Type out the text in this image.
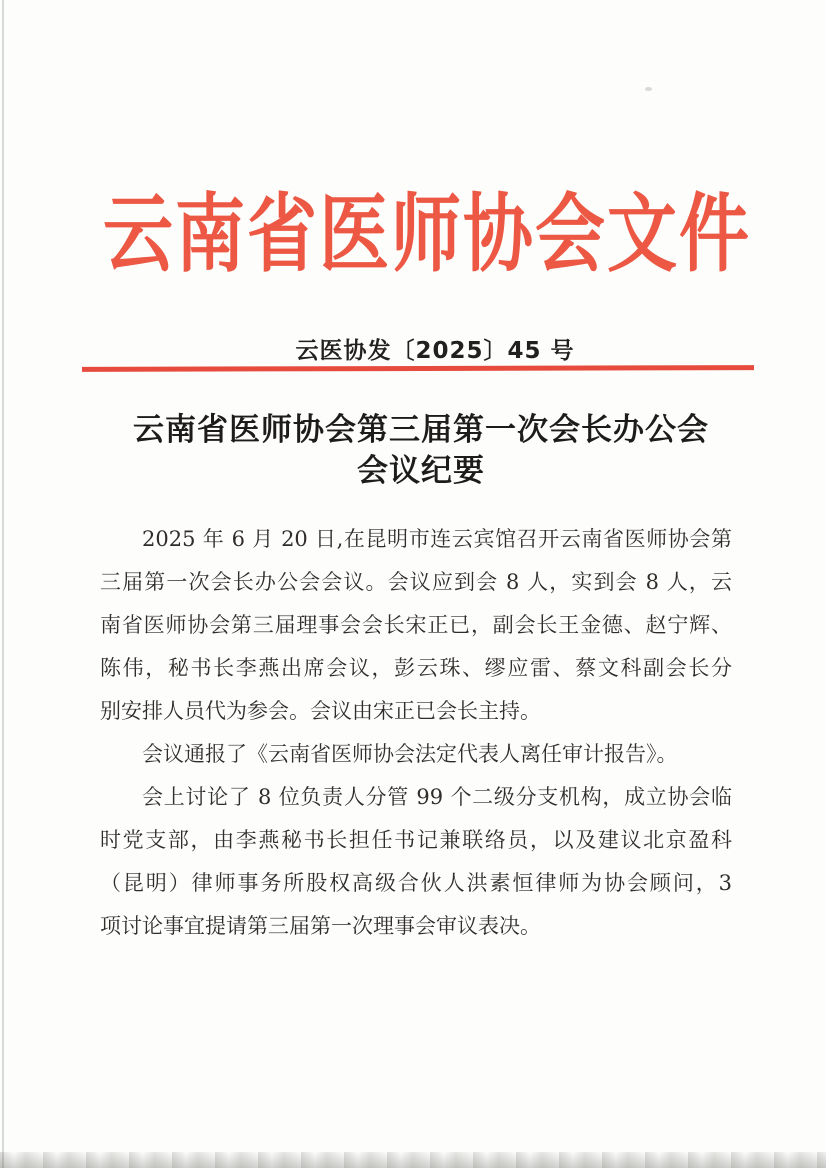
云南省医师协会文件
云医协发〔2025〕45 号
云南省医师协会第三届第一次会长办公会
会议纪要
2025 年 6 月 20 日,在昆明市连云宾馆召开云南省医师协会第
三届第一次会长办公会会议。会议应到会 8 人，实到会 8 人，云
南省医师协会第三届理事会会长宋正已，副会长王金德、赵宁辉、
陈伟，秘书长李燕出席会议，彭云珠、缪应雷、蔡文科副会长分
别安排人员代为参会。会议由宋正已会长主持。
会议通报了《云南省医师协会法定代表人离任审计报告》。
会上讨论了 8 位负责人分管 99 个二级分支机构，成立协会临
时党支部，由李燕秘书长担任书记兼联络员，以及建议北京盈科
（昆明）律师事务所股权高级合伙人洪素恒律师为协会顾问，3
项讨论事宜提请第三届第一次理事会审议表决。
